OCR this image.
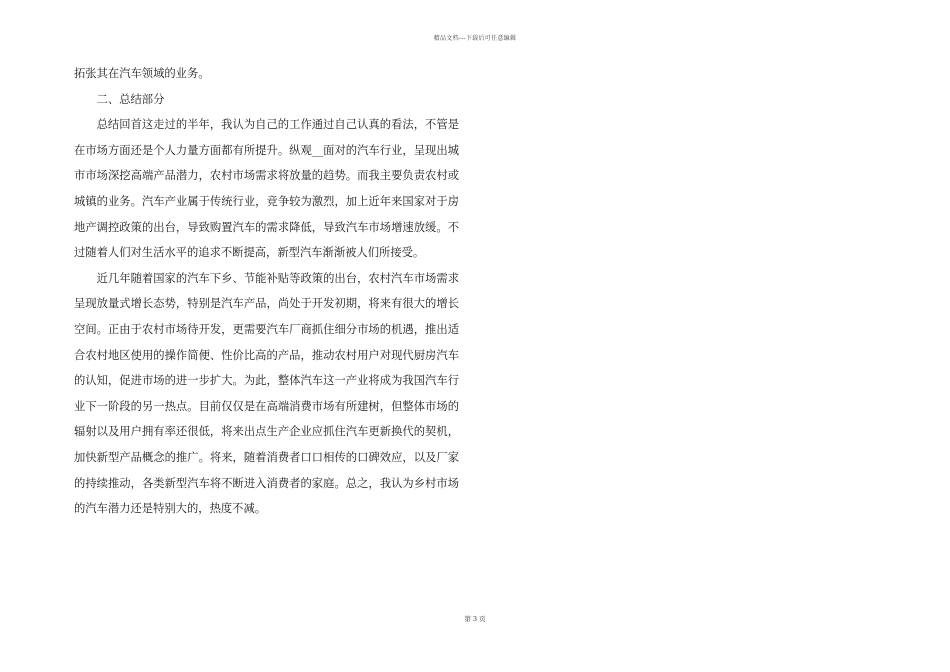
精品文档---下载后可任意编辑

拓张其在汽车领域的业务。

二、总结部分

总结回首这走过的半年，我认为自己的工作通过自己认真的看法，不管是在市场方面还是个人力量方面都有所提升。纵观__面对的汽车行业，呈现出城市市场深挖高端产品潜力，农村市场需求将放量的趋势。而我主要负责农村或城镇的业务。汽车产业属于传统行业，竞争较为激烈，加上近年来国家对于房地产调控政策的出台，导致购置汽车的需求降低，导致汽车市场增速放缓。不过随着人们对生活水平的追求不断提高，新型汽车渐渐被人们所接受。

近几年随着国家的汽车下乡、节能补贴等政策的出台，农村汽车市场需求呈现放量式增长态势，特别是汽车产品，尚处于开发初期，将来有很大的增长空间。正由于农村市场待开发，更需要汽车厂商抓住细分市场的机遇，推出适合农村地区使用的操作简便、性价比高的产品，推动农村用户对现代厨房汽车的认知，促进市场的进一步扩大。为此，整体汽车这一产业将成为我国汽车行业下一阶段的另一热点。目前仅仅是在高端消费市场有所建树，但整体市场的辐射以及用户拥有率还很低，将来出点生产企业应抓住汽车更新换代的契机，加快新型产品概念的推广。将来，随着消费者口口相传的口碑效应，以及厂家的持续推动，各类新型汽车将不断进入消费者的家庭。总之，我认为乡村市场的汽车潜力还是特别大的，热度不减。

第 3 页
